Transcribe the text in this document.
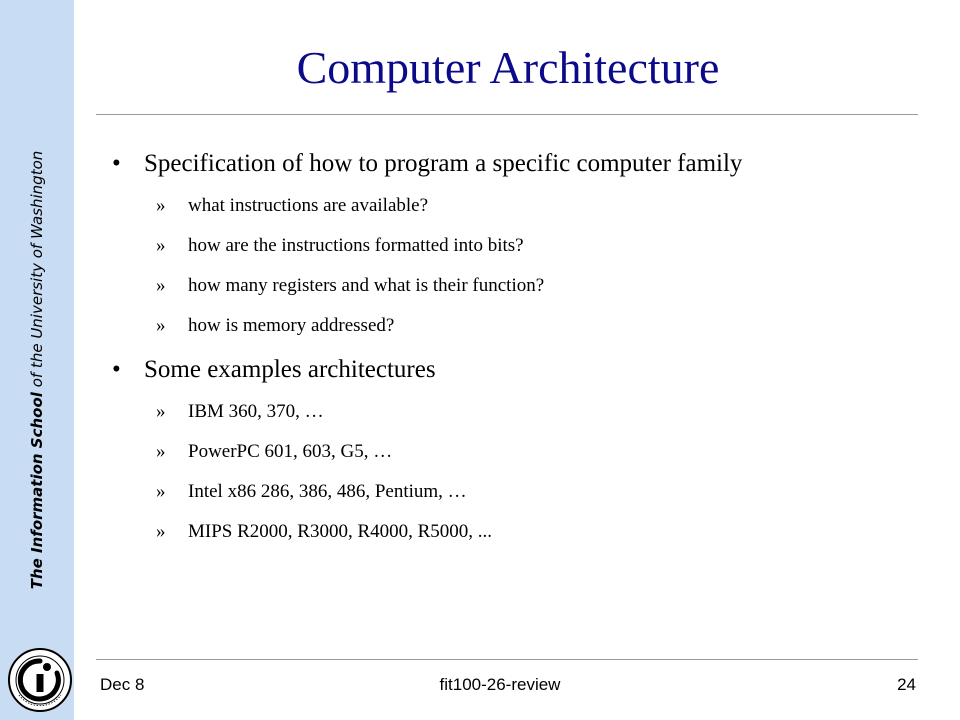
The Information School of the University of Washington
Computer Architecture

• Specification of how to program a specific computer family

» what instructions are available?

» how are the instructions formatted into bits?

» how many registers and what is their function?

» how is memory addressed?

• Some examples architectures

» IBM 360, 370, …

» PowerPC 601, 603, G5, …

» Intel x86 286, 386, 486, Pentium, …

» MIPS R2000, R3000, R4000, R5000, ...

Dec 8	fit100-26-review	24
